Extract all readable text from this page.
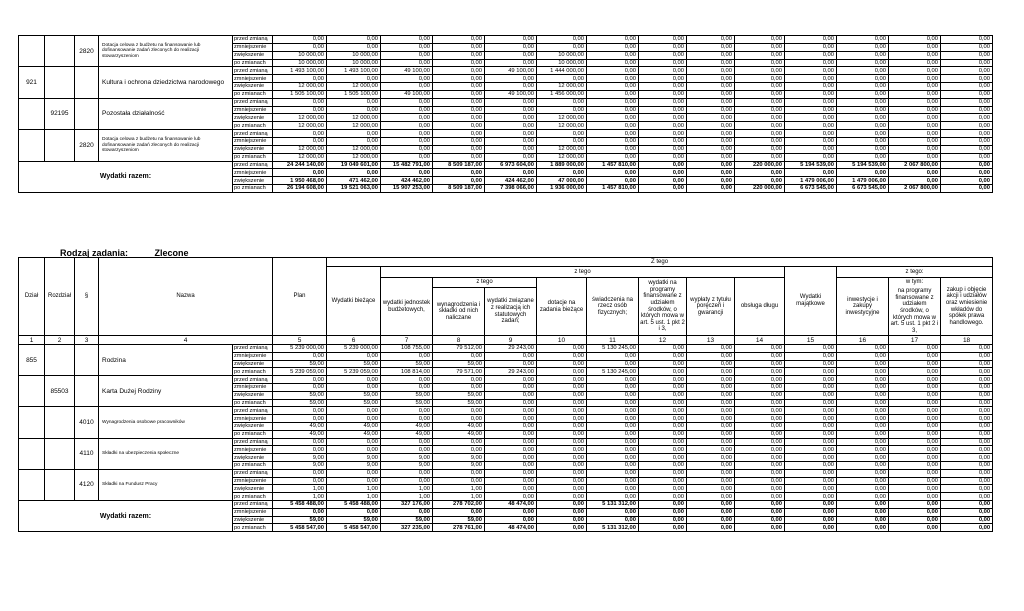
		2820	Dotacja celowa z budżetu na finansowanie lub dofinansowanie zadań zleconych do realizacji stowarzyszeniom	przed zmianą	0,00	0,00	0,00	0,00	0,00	0,00	0,00	0,00	0,00	0,00	0,00	0,00	0,00	0,00
				zmniejszenie	0,00	0,00	0,00	0,00	0,00	0,00	0,00	0,00	0,00	0,00	0,00	0,00	0,00	0,00
				zwiększenie	10 000,00	10 000,00	0,00	0,00	0,00	10 000,00	0,00	0,00	0,00	0,00	0,00	0,00	0,00	0,00
				po zmianach	10 000,00	10 000,00	0,00	0,00	0,00	10 000,00	0,00	0,00	0,00	0,00	0,00	0,00	0,00	0,00
921			Kultura i ochrona dziedzictwa narodowego	przed zmianą	1 493 100,00	1 493 100,00	49 100,00	0,00	49 100,00	1 444 000,00	0,00	0,00	0,00	0,00	0,00	0,00	0,00	0,00
				zmniejszenie	0,00	0,00	0,00	0,00	0,00	0,00	0,00	0,00	0,00	0,00	0,00	0,00	0,00	0,00
				zwiększenie	12 000,00	12 000,00	0,00	0,00	0,00	12 000,00	0,00	0,00	0,00	0,00	0,00	0,00	0,00	0,00
				po zmianach	1 505 100,00	1 505 100,00	49 100,00	0,00	49 100,00	1 456 000,00	0,00	0,00	0,00	0,00	0,00	0,00	0,00	0,00
	92195		Pozostała działalność	przed zmianą	0,00	0,00	0,00	0,00	0,00	0,00	0,00	0,00	0,00	0,00	0,00	0,00	0,00	0,00
				zmniejszenie	0,00	0,00	0,00	0,00	0,00	0,00	0,00	0,00	0,00	0,00	0,00	0,00	0,00	0,00
				zwiększenie	12 000,00	12 000,00	0,00	0,00	0,00	12 000,00	0,00	0,00	0,00	0,00	0,00	0,00	0,00	0,00
				po zmianach	12 000,00	12 000,00	0,00	0,00	0,00	12 000,00	0,00	0,00	0,00	0,00	0,00	0,00	0,00	0,00
		2820	Dotacja celowa z budżetu na finansowanie lub dofinansowanie zadań zleconych do realizacji stowarzyszeniom	przed zmianą	0,00	0,00	0,00	0,00	0,00	0,00	0,00	0,00	0,00	0,00	0,00	0,00	0,00	0,00
				zmniejszenie	0,00	0,00	0,00	0,00	0,00	0,00	0,00	0,00	0,00	0,00	0,00	0,00	0,00	0,00
				zwiększenie	12 000,00	12 000,00	0,00	0,00	0,00	12 000,00	0,00	0,00	0,00	0,00	0,00	0,00	0,00	0,00
				po zmianach	12 000,00	12 000,00	0,00	0,00	0,00	12 000,00	0,00	0,00	0,00	0,00	0,00	0,00	0,00	0,00
Wydatki razem:				przed zmianą	24 244 140,00	19 049 601,00	15 482 791,00	8 509 187,00	6 973 604,00	1 889 000,00	1 457 810,00	0,00	0,00	220 000,00	5 194 539,00	5 194 539,00	2 067 800,00	0,00
				zmniejszenie	0,00	0,00	0,00	0,00	0,00	0,00	0,00	0,00	0,00	0,00	0,00	0,00	0,00	0,00
				zwiększenie	1 950 468,00	471 462,00	424 462,00	0,00	424 462,00	47 000,00	0,00	0,00	0,00	0,00	1 479 006,00	1 479 006,00	0,00	0,00
				po zmianach	26 194 608,00	19 521 063,00	15 907 253,00	8 509 187,00	7 398 066,00	1 936 000,00	1 457 810,00	0,00	0,00	220 000,00	6 673 545,00	6 673 545,00	2 067 800,00	0,00
Rodzaj zadania:	Zlecone
Dział	Rozdział	§	Nazwa		Plan	Z tego												
						Wydatki bieżące	z tego								Wydatki majątkowe	z tego:		
							wydatki jednostek budżetowych,	z tego		dotacje na zadania bieżące	świadczenia na rzecz osób fizycznych;	wydatki na programy finansowane z udziałem środków, o których mowa w art. 5 ust. 1 pkt 2 i 3,	wypłaty z tytułu poręczeń i gwarancji	obsługa długu		inwestycje i zakupy inwestycyjne	w tym:	zakup i objęcie akcji i udziałów oraz wniesienie wkładów do spółek prawa handlowego.
								wynagrodzenia i składki od nich naliczane	wydatki związane z realizacją ich statutowych zadań;								na programy finansowane z udziałem środków, o których mowa w art. 5 ust. 1 pkt 2 i 3,	

1	2	3	4		5	6	7	8	9	10	11	12	13	14	15	16	17	18
855			Rodzina	przed zmianą	5 239 000,00	5 239 000,00	108 755,00	79 512,00	29 243,00	0,00	5 130 245,00	0,00	0,00	0,00	0,00	0,00	0,00	0,00
				zmniejszenie	0,00	0,00	0,00	0,00	0,00	0,00	0,00	0,00	0,00	0,00	0,00	0,00	0,00	0,00
				zwiększenie	59,00	59,00	59,00	59,00	0,00	0,00	0,00	0,00	0,00	0,00	0,00	0,00	0,00	0,00
				po zmianach	5 239 059,00	5 239 059,00	108 814,00	79 571,00	29 243,00	0,00	5 130 245,00	0,00	0,00	0,00	0,00	0,00	0,00	0,00
	85503		Karta Dużej Rodziny	przed zmianą	0,00	0,00	0,00	0,00	0,00	0,00	0,00	0,00	0,00	0,00	0,00	0,00	0,00	0,00
				zmniejszenie	0,00	0,00	0,00	0,00	0,00	0,00	0,00	0,00	0,00	0,00	0,00	0,00	0,00	0,00
				zwiększenie	59,00	59,00	59,00	59,00	0,00	0,00	0,00	0,00	0,00	0,00	0,00	0,00	0,00	0,00
				po zmianach	59,00	59,00	59,00	59,00	0,00	0,00	0,00	0,00	0,00	0,00	0,00	0,00	0,00	0,00
		4010	Wynagrodzenia osobowe pracowników	przed zmianą	0,00	0,00	0,00	0,00	0,00	0,00	0,00	0,00	0,00	0,00	0,00	0,00	0,00	0,00
				zmniejszenie	0,00	0,00	0,00	0,00	0,00	0,00	0,00	0,00	0,00	0,00	0,00	0,00	0,00	0,00
				zwiększenie	49,00	49,00	49,00	49,00	0,00	0,00	0,00	0,00	0,00	0,00	0,00	0,00	0,00	0,00
				po zmianach	49,00	49,00	49,00	49,00	0,00	0,00	0,00	0,00	0,00	0,00	0,00	0,00	0,00	0,00
		4110	Składki na ubezpieczenia społeczne	przed zmianą	0,00	0,00	0,00	0,00	0,00	0,00	0,00	0,00	0,00	0,00	0,00	0,00	0,00	0,00
				zmniejszenie	0,00	0,00	0,00	0,00	0,00	0,00	0,00	0,00	0,00	0,00	0,00	0,00	0,00	0,00
				zwiększenie	9,00	9,00	9,00	9,00	0,00	0,00	0,00	0,00	0,00	0,00	0,00	0,00	0,00	0,00
				po zmianach	9,00	9,00	9,00	9,00	0,00	0,00	0,00	0,00	0,00	0,00	0,00	0,00	0,00	0,00
		4120	Składki na Fundusz Pracy	przed zmianą	0,00	0,00	0,00	0,00	0,00	0,00	0,00	0,00	0,00	0,00	0,00	0,00	0,00	0,00
				zmniejszenie	0,00	0,00	0,00	0,00	0,00	0,00	0,00	0,00	0,00	0,00	0,00	0,00	0,00	0,00
				zwiększenie	1,00	1,00	1,00	1,00	0,00	0,00	0,00	0,00	0,00	0,00	0,00	0,00	0,00	0,00
				po zmianach	1,00	1,00	1,00	1,00	0,00	0,00	0,00	0,00	0,00	0,00	0,00	0,00	0,00	0,00
Wydatki razem:				przed zmianą	5 458 488,00	5 458 488,00	327 176,00	278 702,00	48 474,00	0,00	5 131 312,00	0,00	0,00	0,00	0,00	0,00	0,00	0,00
				zmniejszenie	0,00	0,00	0,00	0,00	0,00	0,00	0,00	0,00	0,00	0,00	0,00	0,00	0,00	0,00
				zwiększenie	59,00	59,00	59,00	59,00	0,00	0,00	0,00	0,00	0,00	0,00	0,00	0,00	0,00	0,00
				po zmianach	5 458 547,00	5 458 547,00	327 235,00	278 761,00	48 474,00	0,00	5 131 312,00	0,00	0,00	0,00	0,00	0,00	0,00	0,00
